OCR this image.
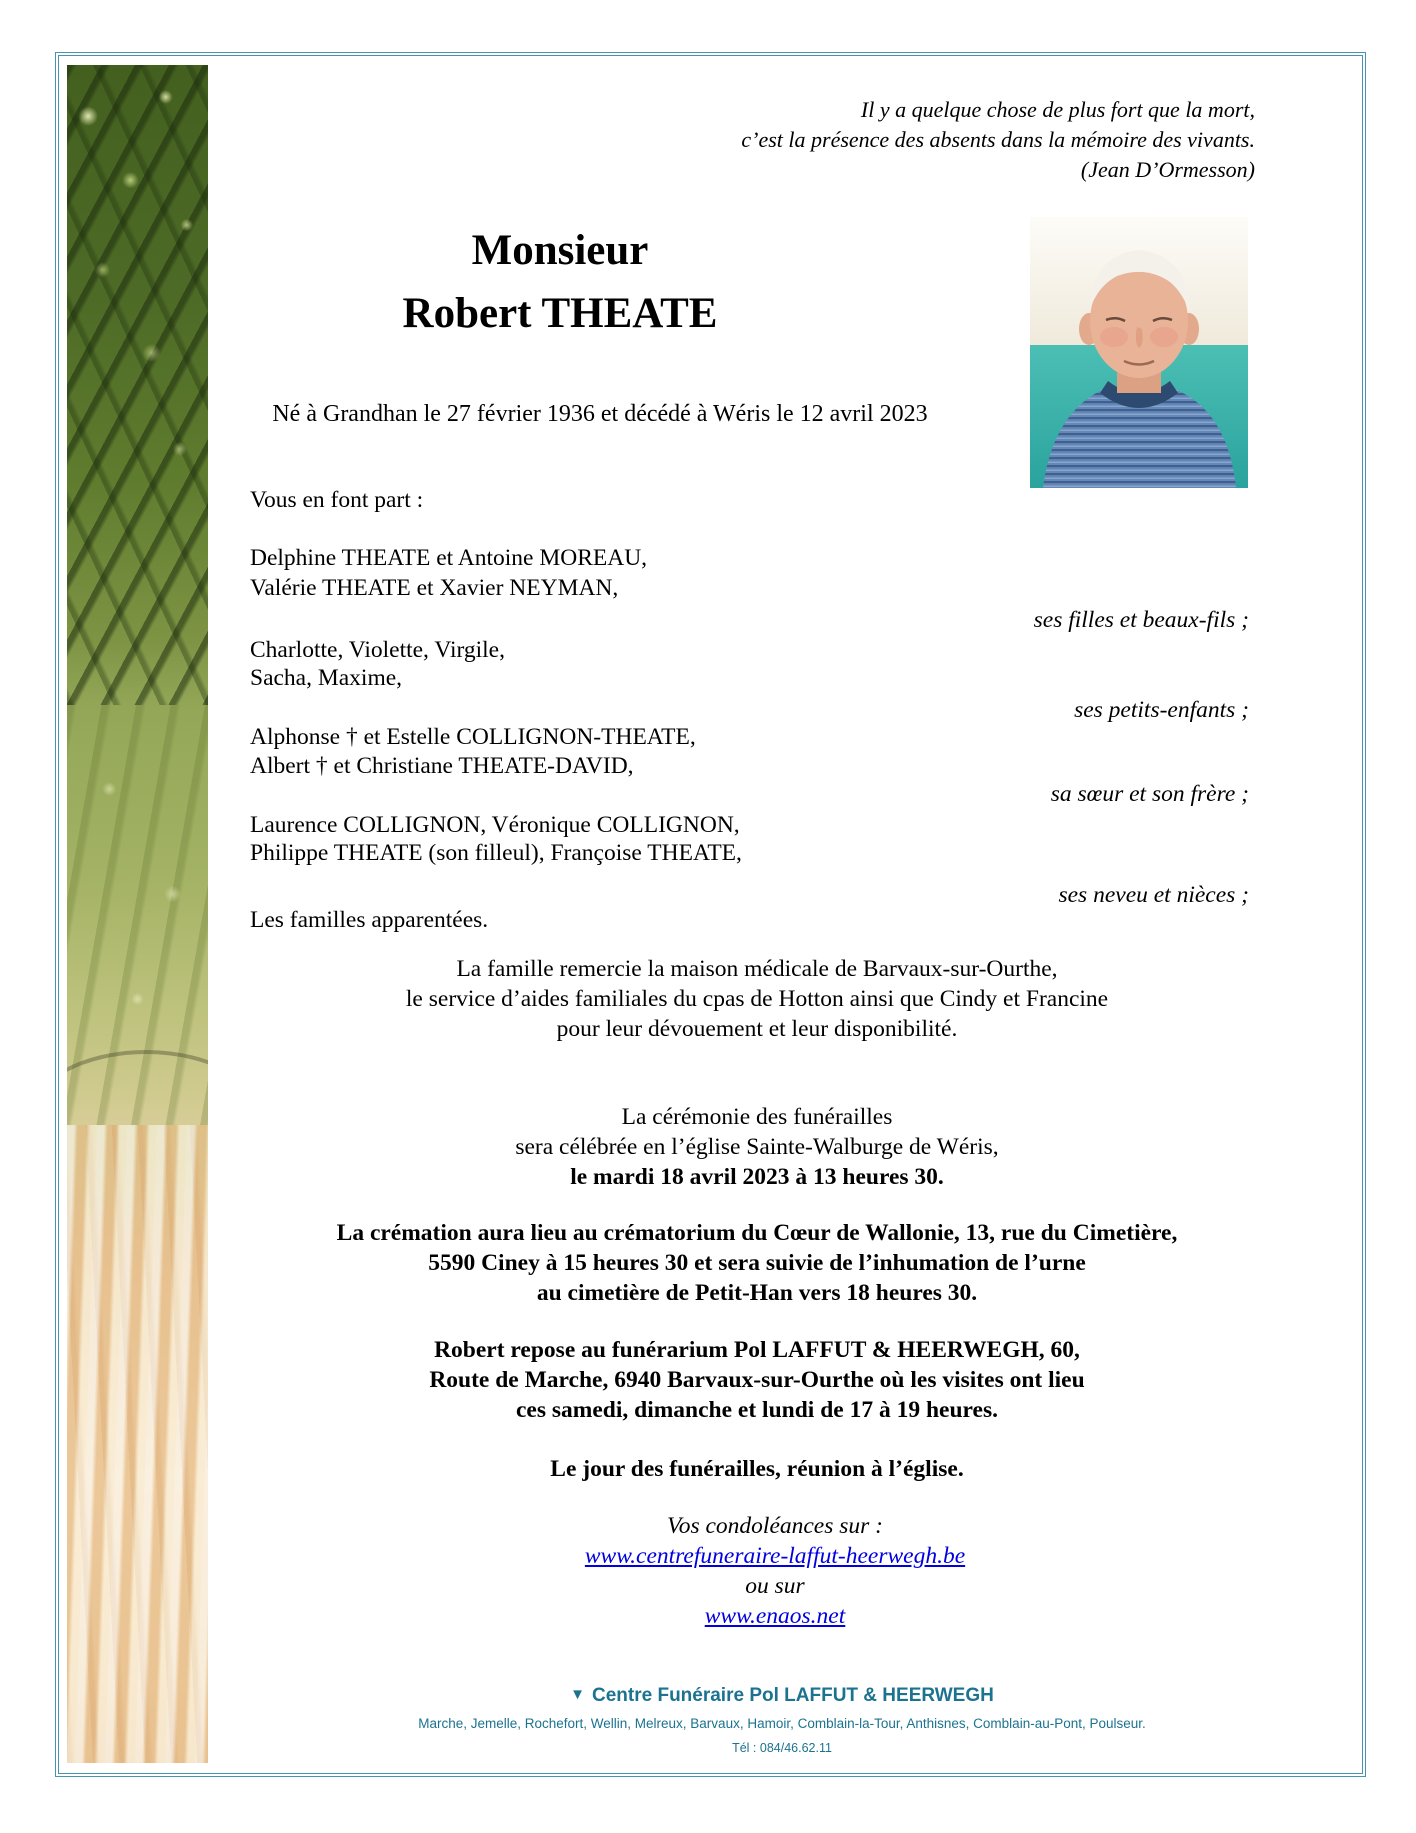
Il y a quelque chose de plus fort que la mort,
c’est la présence des absents dans la mémoire des vivants.
(Jean D’Ormesson)
Monsieur
Robert THEATE
Né à Grandhan le 27 février 1936 et décédé à Wéris le 12 avril 2023
Vous en font part :
Delphine THEATE et Antoine MOREAU,
Valérie THEATE et Xavier NEYMAN,
ses filles et beaux-fils ;
Charlotte, Violette, Virgile,
Sacha, Maxime,
ses petits-enfants ;
Alphonse † et Estelle COLLIGNON-THEATE,
Albert † et Christiane THEATE-DAVID,
sa sœur et son frère ;
Laurence COLLIGNON, Véronique COLLIGNON,
Philippe THEATE (son filleul), Françoise THEATE,
ses neveu et nièces ;
Les familles apparentées.
La famille remercie la maison médicale de Barvaux-sur-Ourthe,
le service d’aides familiales du cpas de Hotton ainsi que Cindy et Francine
pour leur dévouement et leur disponibilité.
La cérémonie des funérailles
sera célébrée en l’église Sainte-Walburge de Wéris,
le mardi 18 avril 2023 à 13 heures 30.
La crémation aura lieu au crématorium du Cœur de Wallonie, 13, rue du Cimetière,
5590 Ciney à 15 heures 30 et sera suivie de l’inhumation de l’urne
au cimetière de Petit-Han vers 18 heures 30.
Robert repose au funérarium Pol LAFFUT & HEERWEGH, 60,
Route de Marche, 6940 Barvaux-sur-Ourthe où les visites ont lieu
ces samedi, dimanche et lundi de 17 à 19 heures.
Le jour des funérailles, réunion à l’église.
Vos condoléances sur :
www.centrefuneraire-laffut-heerwegh.be
ou sur
www.enaos.net
▼ Centre Funéraire Pol LAFFUT & HEERWEGH
Marche, Jemelle, Rochefort, Wellin, Melreux, Barvaux, Hamoir, Comblain-la-Tour, Anthisnes, Comblain-au-Pont, Poulseur.
Tél : 084/46.62.11
